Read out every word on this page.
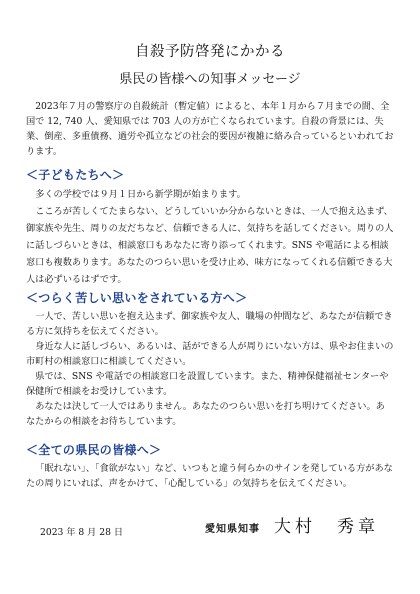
自殺予防啓発にかかる
県民の皆様への知事メッセージ
2023年７月の警察庁の自殺統計（暫定値）によると、本年１月から７月までの間、全国で 12, 740 人、愛知県では 703 人の方が亡くなられています。自殺の背景には、失業、倒産、多重債務、過労や孤立などの社会的要因が複雑に絡み合っているといわれております。
＜子どもたちへ＞

多くの学校では９月１日から新学期が始まります。

こころが苦しくてたまらない、どうしていいか分からないときは、一人で抱え込まず、御家族や先生、周りの友だちなど、信頼できる人に、気持ちを話してください。周りの人に話しづらいときは、相談窓口もあなたに寄り添ってくれます。SNS や電話による相談窓口も複数あります。あなたのつらい思いを受け止め、味方になってくれる信頼できる大人は必ずいるはずです。

＜つらく苦しい思いをされている方へ＞

一人で、苦しい思いを抱え込まず、御家族や友人、職場の仲間など、あなたが信頼できる方に気持ちを伝えてください。

身近な人に話しづらい、あるいは、話ができる人が周りにいない方は、県やお住まいの市町村の相談窓口に相談してください。

県では、SNS や電話での相談窓口を設置しています。また、精神保健福祉センターや保健所で相談をお受けしています。

あなたは決して一人ではありません。あなたのつらい思いを打ち明けてください。あなたからの相談をお待ちしています。

＜全ての県民の皆様へ＞

「眠れない」、「食欲がない」など、いつもと違う何らかのサインを発している方があなたの周りにいれば、声をかけて、「心配している」の気持ちを伝えてください。

2023 年 8 月 28 日	愛知県知事 大村　秀章
